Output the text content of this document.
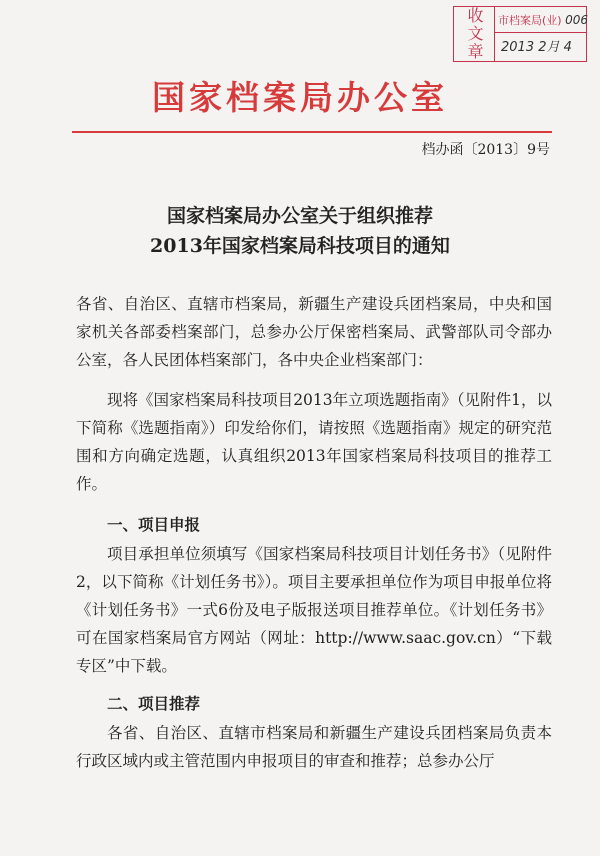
收文章 市档案局(业) 006
2013 2月 4
国家档案局办公室
档办函〔2013〕9号
国家档案局办公室关于组织推荐
2013年国家档案局科技项目的通知
各省、自治区、直辖市档案局，新疆生产建设兵团档案局，中央和国家机关各部委档案部门，总参办公厅保密档案局、武警部队司令部办公室，各人民团体档案部门，各中央企业档案部门：
现将《国家档案局科技项目2013年立项选题指南》（见附件1，以下简称《选题指南》）印发给你们，请按照《选题指南》规定的研究范围和方向确定选题，认真组织2013年国家档案局科技项目的推荐工作。
一、项目申报
项目承担单位须填写《国家档案局科技项目计划任务书》（见附件2，以下简称《计划任务书》）。项目主要承担单位作为项目申报单位将《计划任务书》一式6份及电子版报送项目推荐单位。《计划任务书》可在国家档案局官方网站（网址：http://www.saac.gov.cn）“下载专区”中下载。
二、项目推荐
各省、自治区、直辖市档案局和新疆生产建设兵团档案局负责本行政区域内或主管范围内申报项目的审查和推荐；总参办公厅
